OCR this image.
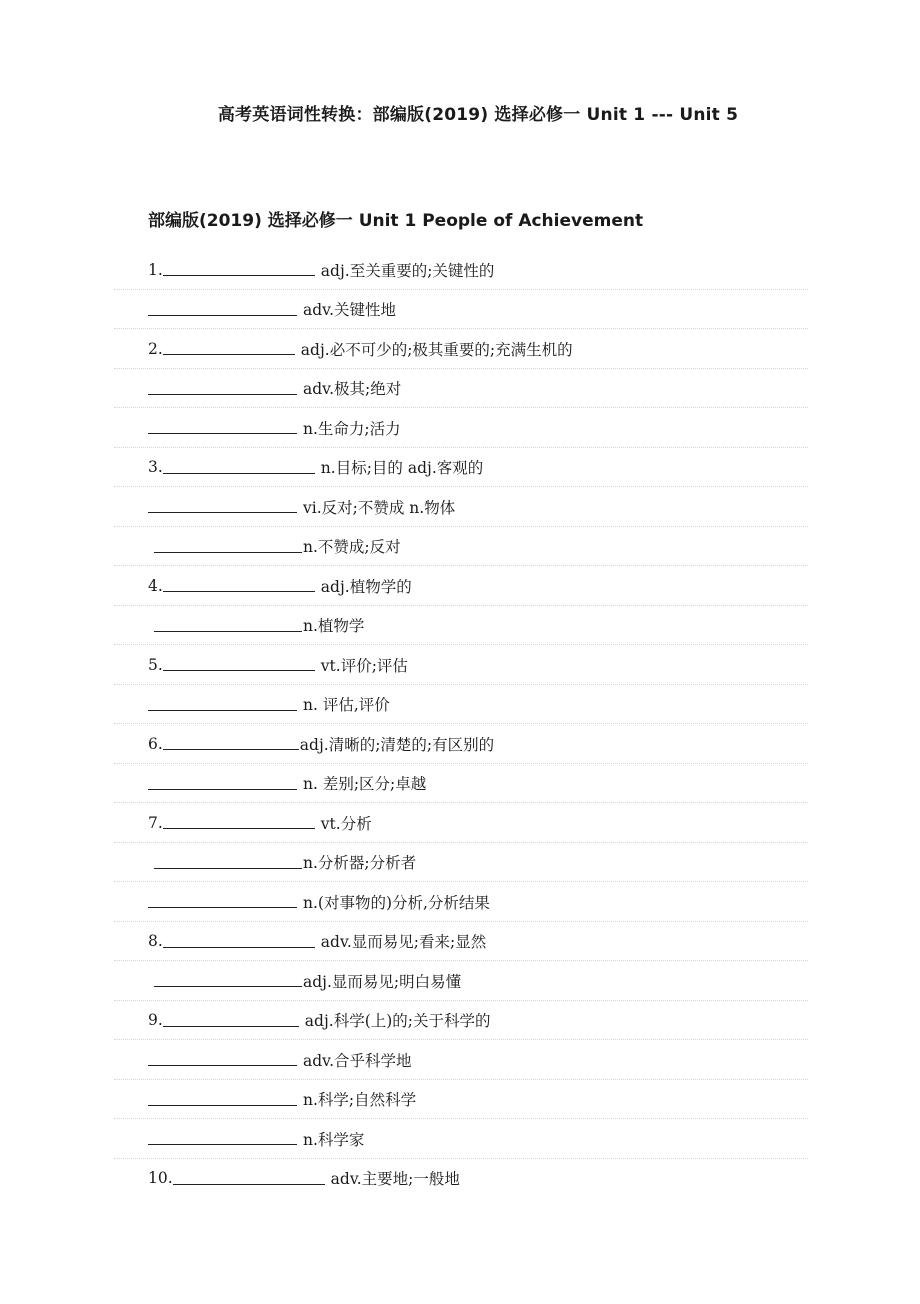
高考英语词性转换：部编版(2019) 选择必修一 Unit 1 --- Unit 5
部编版(2019) 选择必修一 Unit 1 People of Achievement
1.	adj.至关重要的;关键性的
adv.关键性地
2.	adj.必不可少的;极其重要的;充满生机的
adv.极其;绝对
n.生命力;活力
3.	n.目标;目的 adj.客观的
vi.反对;不赞成 n.物体
n.不赞成;反对
4.	adj.植物学的
n.植物学
5.	vt.评价;评估
n. 评估,评价
6.	adj.清晰的;清楚的;有区别的
n. 差别;区分;卓越
7.	vt.分析
n.分析器;分析者
n.(对事物的)分析,分析结果
8.	adv.显而易见;看来;显然
adj.显而易见;明白易懂
9.	adj.科学(上)的;关于科学的
adv.合乎科学地
n.科学;自然科学
n.科学家
10.	adv.主要地;一般地
